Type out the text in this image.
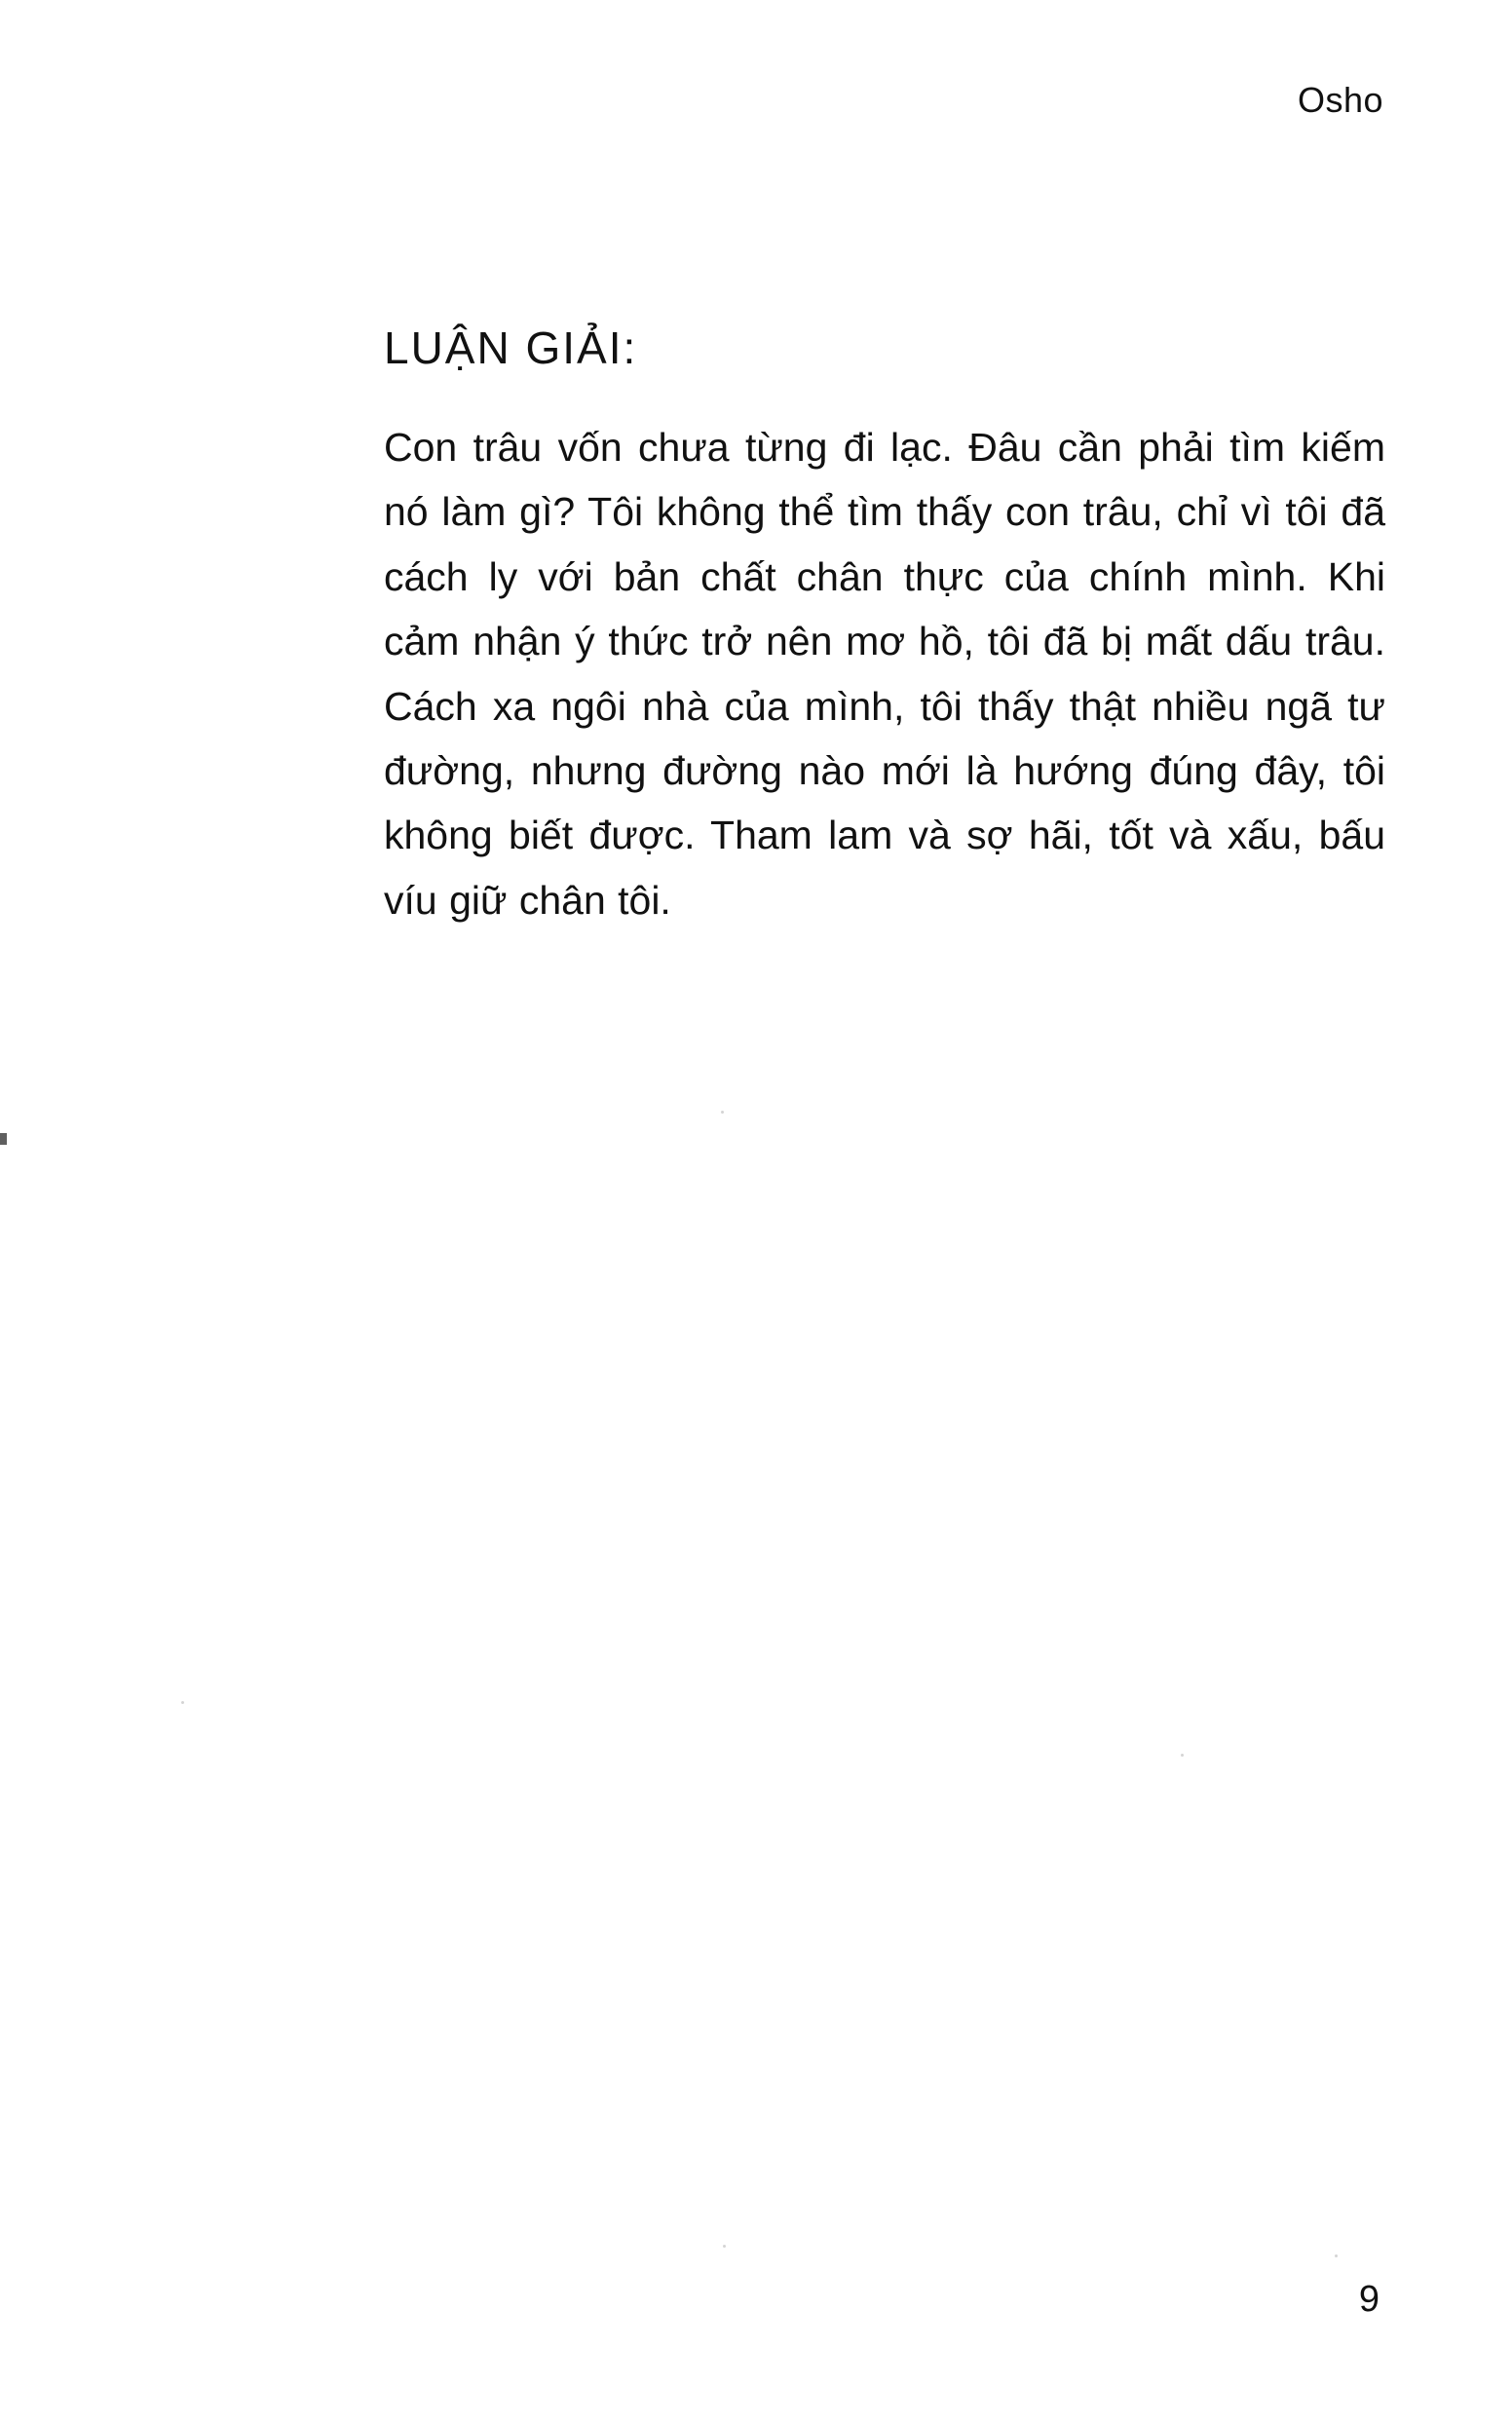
Osho
LUẬN GIẢI:

Con trâu vốn chưa từng đi lạc. Đâu cần phải tìm kiếm nó làm gì? Tôi không thể tìm thấy con trâu, chỉ vì tôi đã cách ly với bản chất chân thực của chính mình. Khi cảm nhận ý thức trở nên mơ hồ, tôi đã bị mất dấu trâu. Cách xa ngôi nhà của mình, tôi thấy thật nhiều ngã tư đường, nhưng đường nào mới là hướng đúng đây, tôi không biết được. Tham lam và sợ hãi, tốt và xấu, bấu víu giữ chân tôi.

9
